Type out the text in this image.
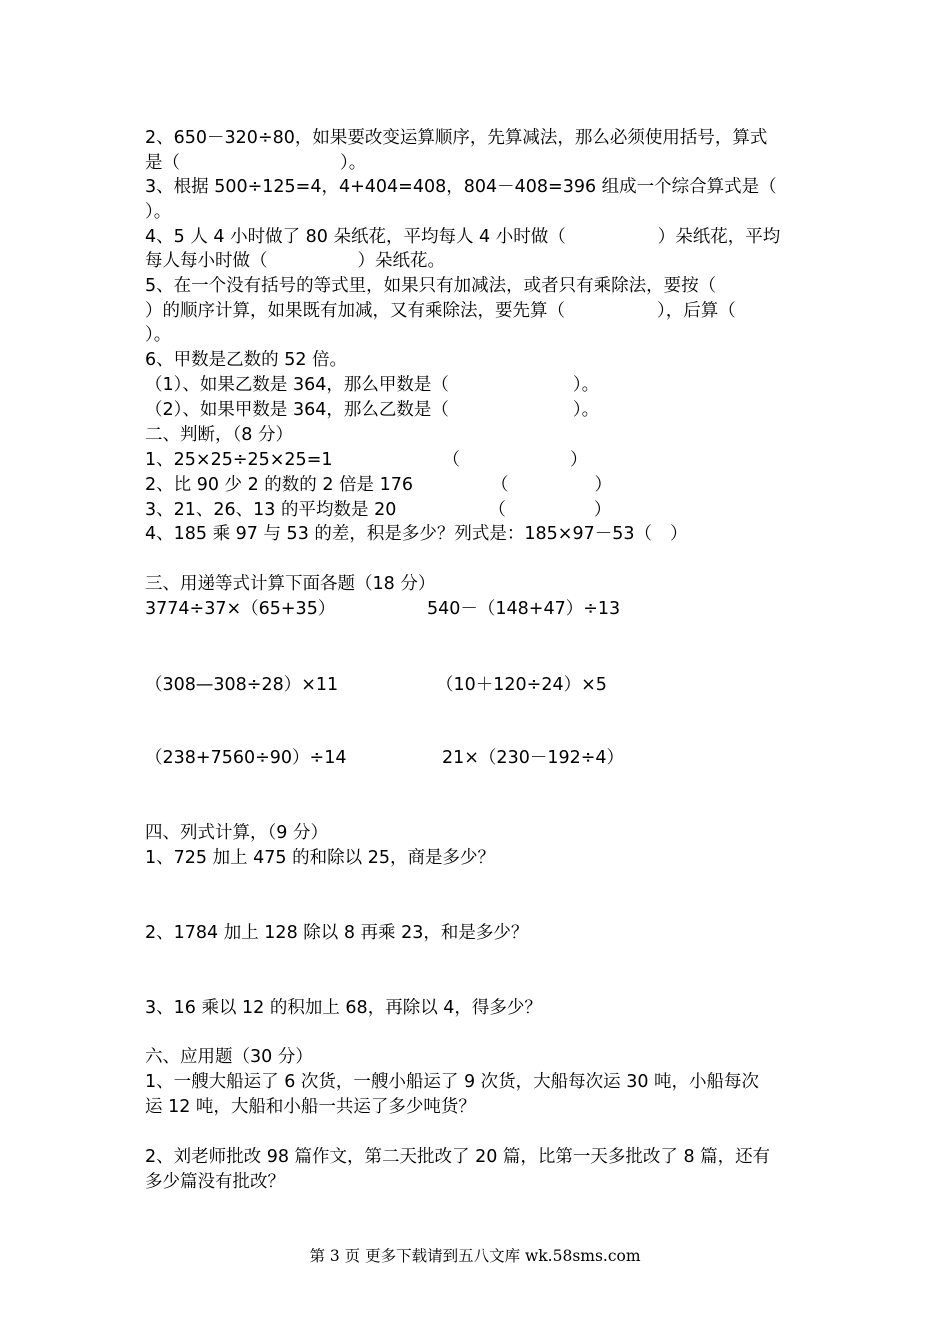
2、650－320÷80，如果要改变运算顺序，先算减法，那么必须使用括号，算式
是（	）。
3、根据 500÷125=4，4+404=408，804－408=396 组成一个综合算式是（
）。
4、5 人 4 小时做了 80 朵纸花，平均每人 4 小时做（	）朵纸花，平均
每人每小时做（	）朵纸花。
5、在一个没有括号的等式里，如果只有加减法，或者只有乘除法，要按（
）的顺序计算，如果既有加减，又有乘除法，要先算（	），后算（
）。
6、甲数是乙数的 52 倍。
（1）、如果乙数是 364，那么甲数是（	）。
（2）、如果甲数是 364，那么乙数是（	）。
二、判断，（8 分）
1、25×25÷25×25=1	（	）
2、比 90 少 2 的数的 2 倍是 176	（	）
3、21、26、13 的平均数是 20	（	）
4、185 乘 97 与 53 的差，积是多少？列式是：185×97－53（ ）
三、用递等式计算下面各题（18 分）
3774÷37×（65+35）	540－（148+47）÷13
（308—308÷28）×11	（10＋120÷24）×5
（238+7560÷90）÷14	21×（230－192÷4）
四、列式计算，（9 分）
1、725 加上 475 的和除以 25，商是多少？
2、1784 加上 128 除以 8 再乘 23，和是多少？
3、16 乘以 12 的积加上 68，再除以 4，得多少？
六、应用题（30 分）
1、一艘大船运了 6 次货，一艘小船运了 9 次货，大船每次运 30 吨，小船每次
运 12 吨，大船和小船一共运了多少吨货？
2、刘老师批改 98 篇作文，第二天批改了 20 篇，比第一天多批改了 8 篇，还有
多少篇没有批改？
第 3 页 更多下载请到五八文库 wk.58sms.com
